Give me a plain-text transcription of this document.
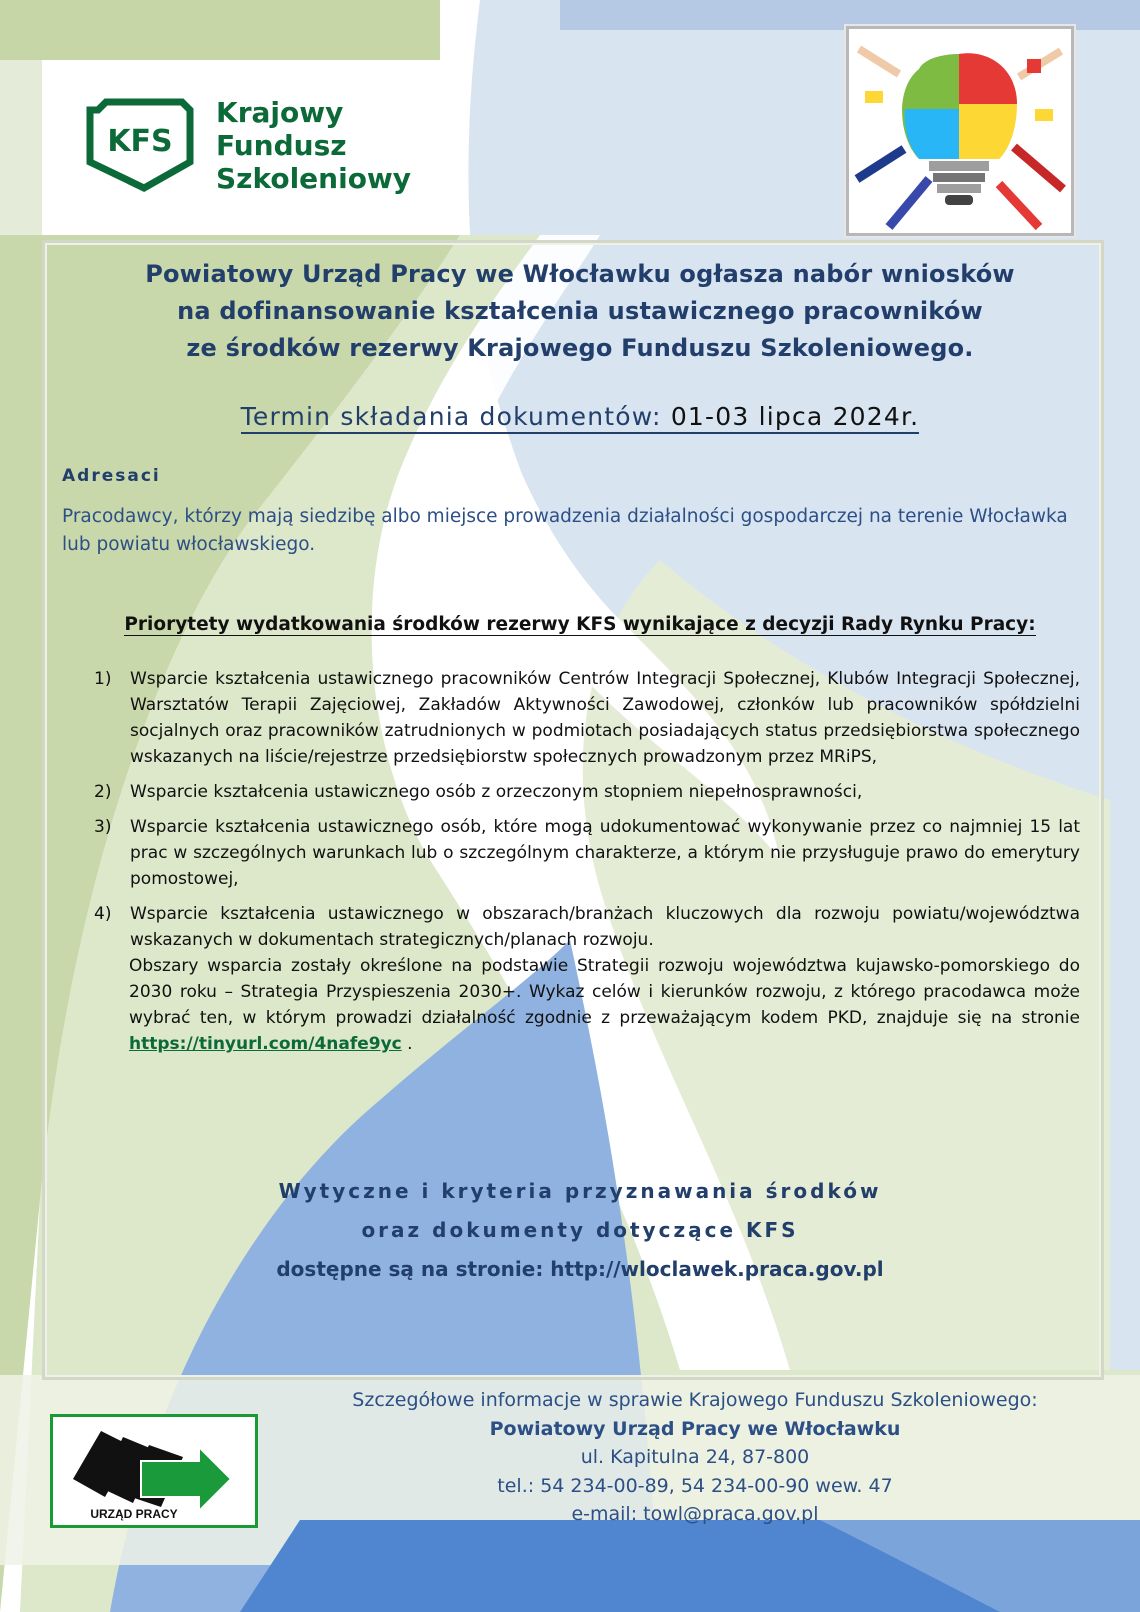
KFS
Krajowy
Fundusz
Szkoleniowy
Powiatowy Urząd Pracy we Włocławku ogłasza nabór wniosków
na dofinansowanie kształcenia ustawicznego pracowników
ze środków rezerwy Krajowego Funduszu Szkoleniowego.
Termin składania dokumentów: 01-03 lipca 2024r.
Adresaci
Pracodawcy, którzy mają siedzibę albo miejsce prowadzenia działalności gospodarczej na terenie Włocławka lub powiatu włocławskiego.
Priorytety wydatkowania środków rezerwy KFS wynikające z decyzji Rady Rynku Pracy:
1) Wsparcie kształcenia ustawicznego pracowników Centrów Integracji Społecznej, Klubów Integracji Społecznej, Warsztatów Terapii Zajęciowej, Zakładów Aktywności Zawodowej, członków lub pracowników spółdzielni socjalnych oraz pracowników zatrudnionych w podmiotach posiadających status przedsiębiorstwa społecznego wskazanych na liście/rejestrze przedsiębiorstw społecznych prowadzonym przez MRiPS,
2) Wsparcie kształcenia ustawicznego osób z orzeczonym stopniem niepełnosprawności,
3) Wsparcie kształcenia ustawicznego osób, które mogą udokumentować wykonywanie przez co najmniej 15 lat prac w szczególnych warunkach lub o szczególnym charakterze, a którym nie przysługuje prawo do emerytury pomostowej,
4) Wsparcie kształcenia ustawicznego w obszarach/branżach kluczowych dla rozwoju powiatu/województwa wskazanych w dokumentach strategicznych/planach rozwoju.
Obszary wsparcia zostały określone na podstawie Strategii rozwoju województwa kujawsko-pomorskiego do 2030 roku – Strategia Przyspieszenia 2030+. Wykaz celów i kierunków rozwoju, z którego pracodawca może wybrać ten, w którym prowadzi działalność zgodnie z przeważającym kodem PKD, znajduje się na stronie https://tinyurl.com/4nafe9yc .
Wytyczne i kryteria przyznawania środków
oraz dokumenty dotyczące KFS
dostępne są na stronie: http://wloclawek.praca.gov.pl
URZĄD PRACY
Szczegółowe informacje w sprawie Krajowego Funduszu Szkoleniowego:
Powiatowy Urząd Pracy we Włocławku
ul. Kapitulna 24, 87-800
tel.: 54 234-00-89, 54 234-00-90 wew. 47
e-mail: towl@praca.gov.pl
